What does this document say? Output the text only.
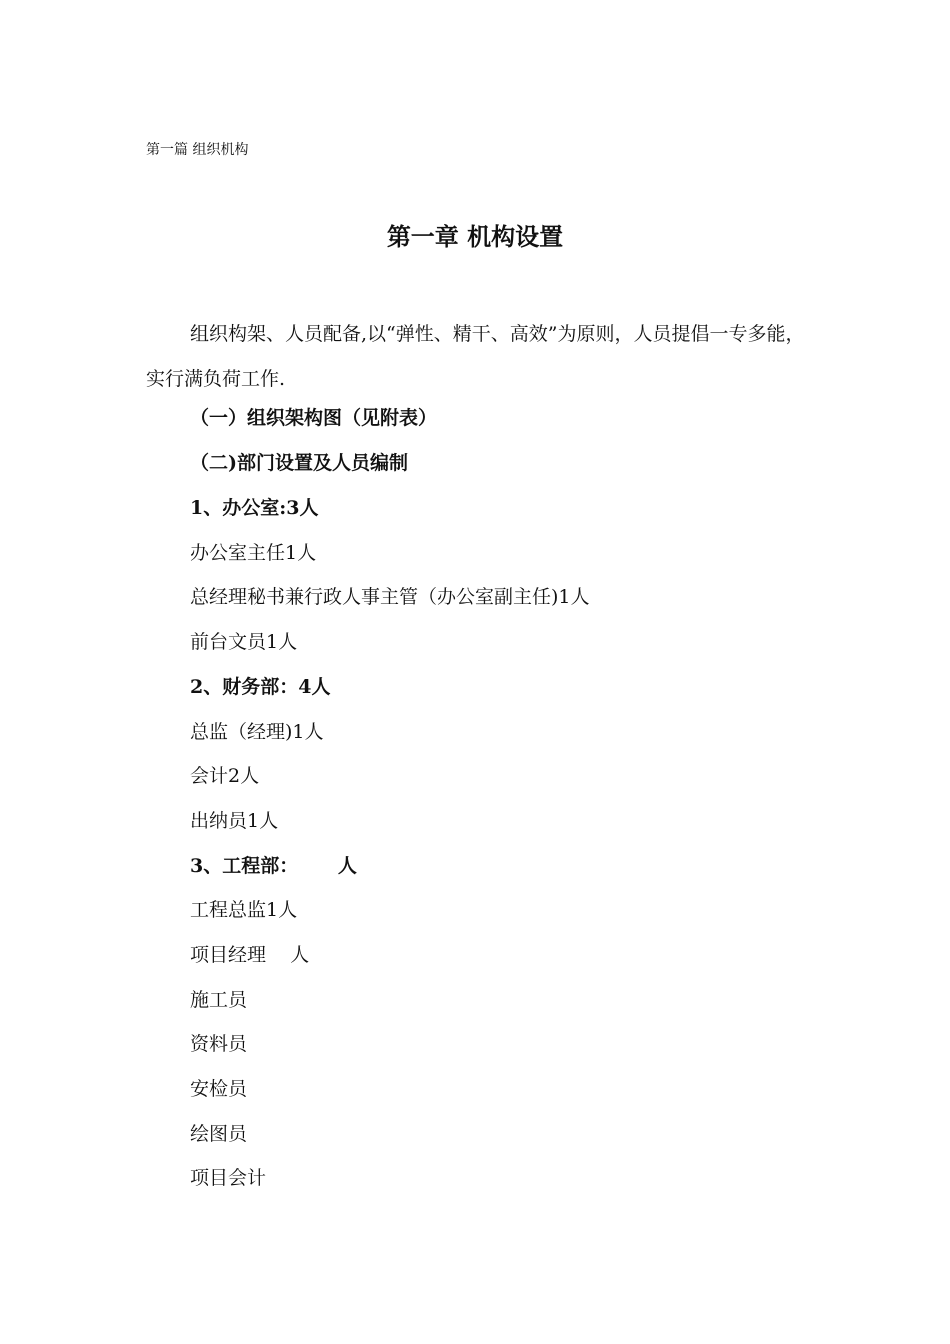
第一篇 组织机构
第一章 机构设置
组织构架、人员配备,以“弹性、精干、高效”为原则，人员提倡一专多能，实行满负荷工作.
（一）组织架构图（见附表）
（二)部门设置及人员编制
1、办公室:3人
办公室主任1人
总经理秘书兼行政人事主管（办公室副主任)1人
前台文员1人
2、财务部：4人
总监（经理)1人
会计2人
出纳员1人
3、工程部：      人
工程总监1人
项目经理    人
施工员
资料员
安检员
绘图员
项目会计
